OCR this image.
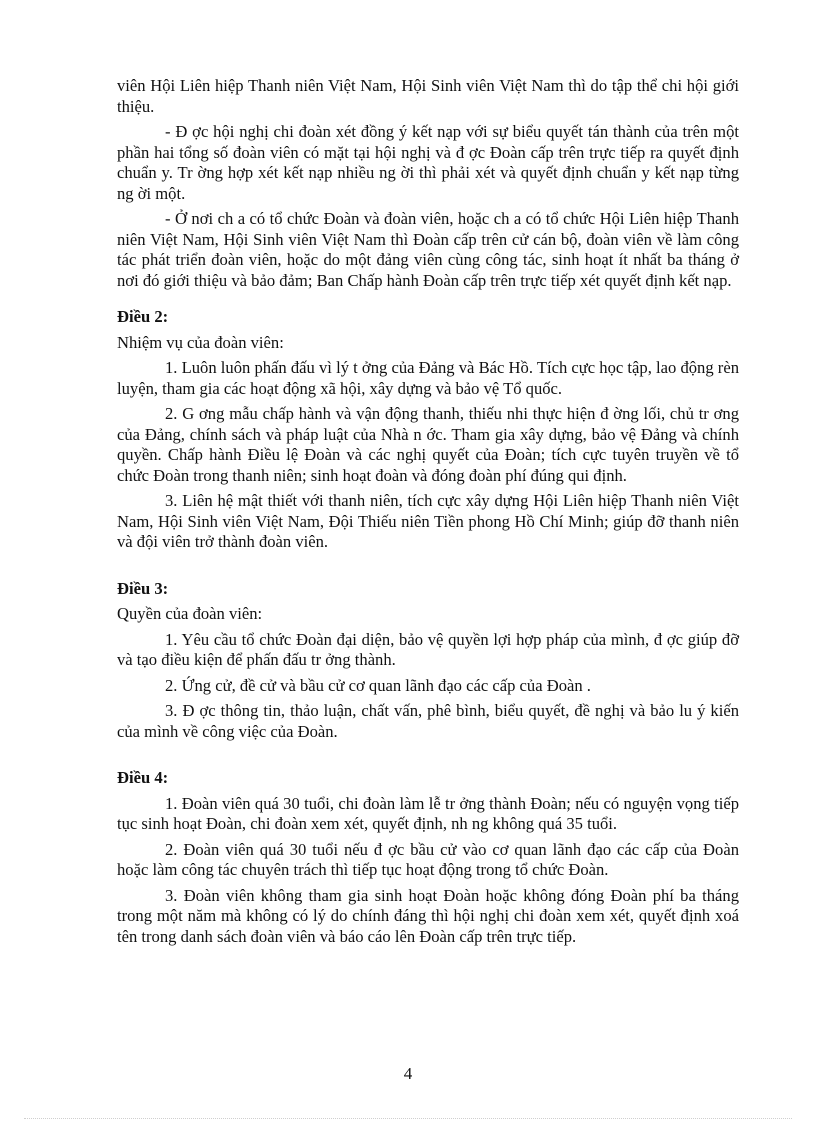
viên Hội Liên hiệp Thanh niên Việt Nam, Hội Sinh viên Việt Nam thì do tập thể chi hội giới thiệu.

- Đ ợc hội nghị chi đoàn xét đồng ý kết nạp với sự biểu quyết tán thành của trên một phần hai tổng số đoàn viên có mặt tại hội nghị và đ ợc Đoàn cấp trên trực tiếp ra quyết định chuẩn y. Tr ờng hợp xét kết nạp nhiều ng ời thì phải xét và quyết định chuẩn y kết nạp từng ng ời một.

- Ở nơi ch a có tổ chức Đoàn và đoàn viên, hoặc ch a có tổ chức Hội Liên hiệp Thanh niên Việt Nam, Hội Sinh viên Việt Nam thì Đoàn cấp trên cử cán bộ, đoàn viên về làm công tác phát triển đoàn viên, hoặc do một đảng viên cùng công tác, sinh hoạt ít nhất ba tháng ở nơi đó giới thiệu và bảo đảm; Ban Chấp hành Đoàn cấp trên trực tiếp xét quyết định kết nạp.

Điều 2:

Nhiệm vụ của đoàn viên:

1. Luôn luôn phấn đấu vì lý t ởng của Đảng và Bác Hồ. Tích cực học tập, lao động rèn luyện, tham gia các hoạt động xã hội, xây dựng và bảo vệ Tổ quốc.

2. G ơng mẫu chấp hành và vận động thanh, thiếu nhi thực hiện đ ờng lối, chủ tr ơng của Đảng, chính sách và pháp luật của Nhà n ớc. Tham gia xây dựng, bảo vệ Đảng và chính quyền. Chấp hành Điều lệ Đoàn và các nghị quyết của Đoàn; tích cực tuyên truyền về tổ chức Đoàn trong thanh niên; sinh hoạt đoàn và đóng đoàn phí đúng qui định.

3. Liên hệ mật thiết với thanh niên, tích cực xây dựng Hội Liên hiệp Thanh niên Việt Nam, Hội Sinh viên Việt Nam, Đội Thiếu niên Tiền phong Hồ Chí Minh; giúp đỡ thanh niên và đội viên trở thành đoàn viên.

Điều 3:

Quyền của đoàn viên:

1. Yêu cầu tổ chức Đoàn đại diện, bảo vệ quyền lợi hợp pháp của mình, đ ợc giúp đỡ và tạo điều kiện để phấn đấu tr ởng thành.

2. Ứng cử, đề cử và bầu cử cơ quan lãnh đạo các cấp của Đoàn .

3. Đ ợc thông tin, thảo luận, chất vấn, phê bình, biểu quyết, đề nghị và bảo lu ý kiến của mình về công việc của Đoàn.

Điều 4:

1. Đoàn viên quá 30 tuổi, chi đoàn làm lễ tr ởng thành Đoàn; nếu có nguyện vọng tiếp tục sinh hoạt Đoàn, chi đoàn xem xét, quyết định, nh ng không quá 35 tuổi.

2. Đoàn viên quá 30 tuổi nếu đ ợc bầu cử vào cơ quan lãnh đạo các cấp của Đoàn hoặc làm công tác chuyên trách thì tiếp tục hoạt động trong tổ chức Đoàn.

3. Đoàn viên không tham gia sinh hoạt Đoàn hoặc không đóng Đoàn phí ba tháng trong một năm mà không có lý do chính đáng thì hội nghị chi đoàn xem xét, quyết định xoá tên trong danh sách đoàn viên và báo cáo lên Đoàn cấp trên trực tiếp.

4
